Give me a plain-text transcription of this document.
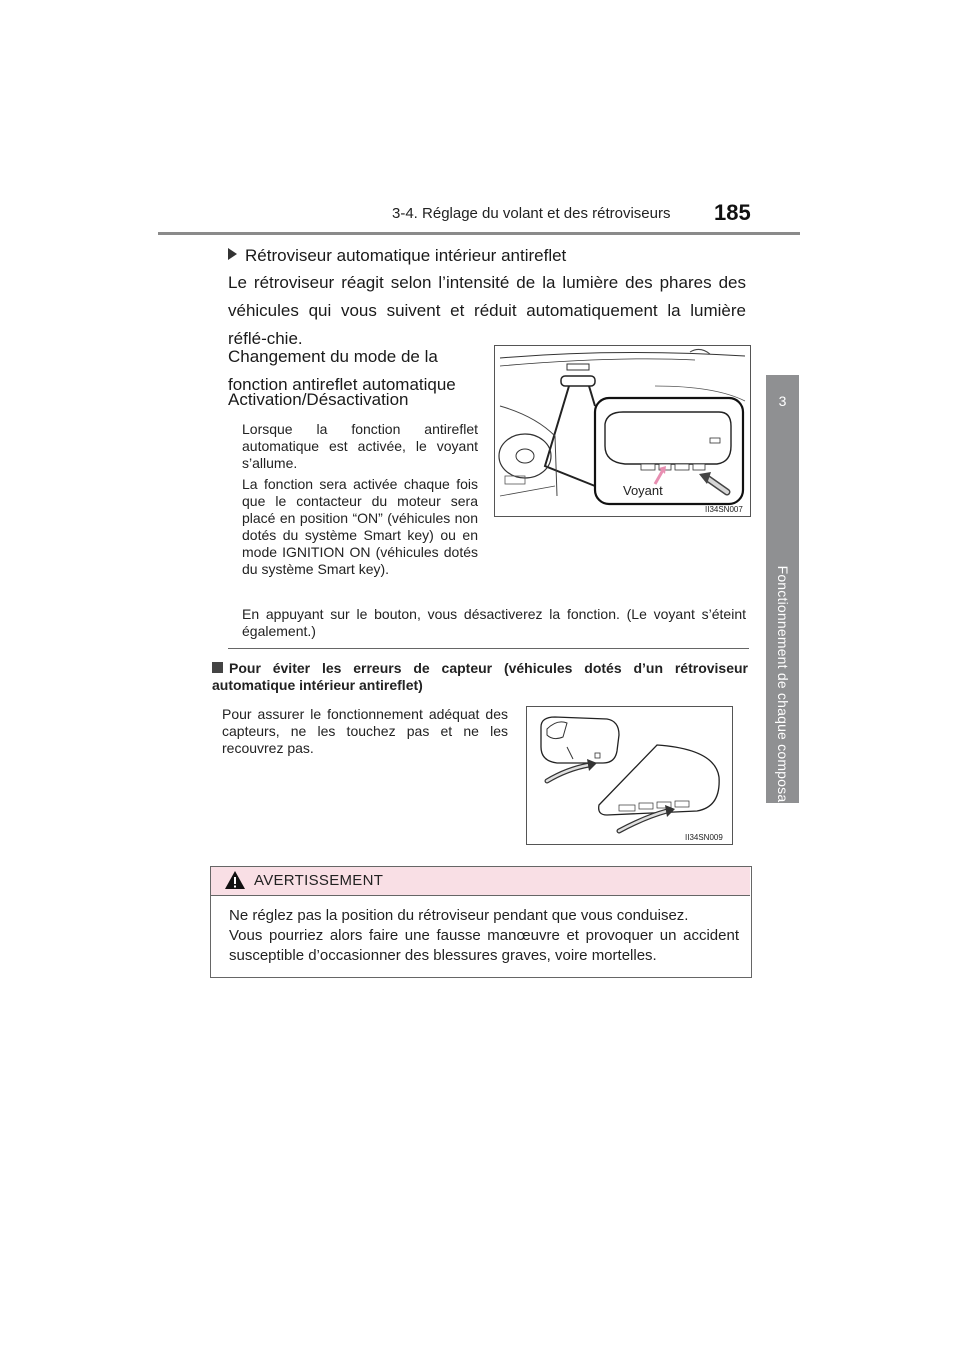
3-4. Réglage du volant et des rétroviseurs 185
3
Fonctionnement de chaque composant
Rétroviseur automatique intérieur antireflet
Le rétroviseur réagit selon l’intensité de la lumière des phares des véhicules qui vous suivent et réduit automatiquement la lumière réflé-chie.
Changement du mode de la fonction antireflet automatique
Activation/Désactivation
Lorsque la fonction antireflet automatique est activée, le voyant s’allume.
La fonction sera activée chaque fois que le contacteur du moteur sera placé en position “ON” (véhicules non dotés du système Smart key) ou en mode IGNITION ON (véhicules dotés du système Smart key).
En appuyant sur le bouton, vous désactiverez la fonction. (Le voyant s’éteint également.)
Pour éviter les erreurs de capteur (véhicules dotés d’un rétroviseur automatique intérieur antireflet)
Pour assurer le fonctionnement adéquat des capteurs, ne les touchez pas et ne les recouvrez pas.
Voyant
II34SN007
II34SN009
AVERTISSEMENT

Ne réglez pas la position du rétroviseur pendant que vous conduisez.

Vous pourriez alors faire une fausse manœuvre et provoquer un accident susceptible d’occasionner des blessures graves, voire mortelles.
